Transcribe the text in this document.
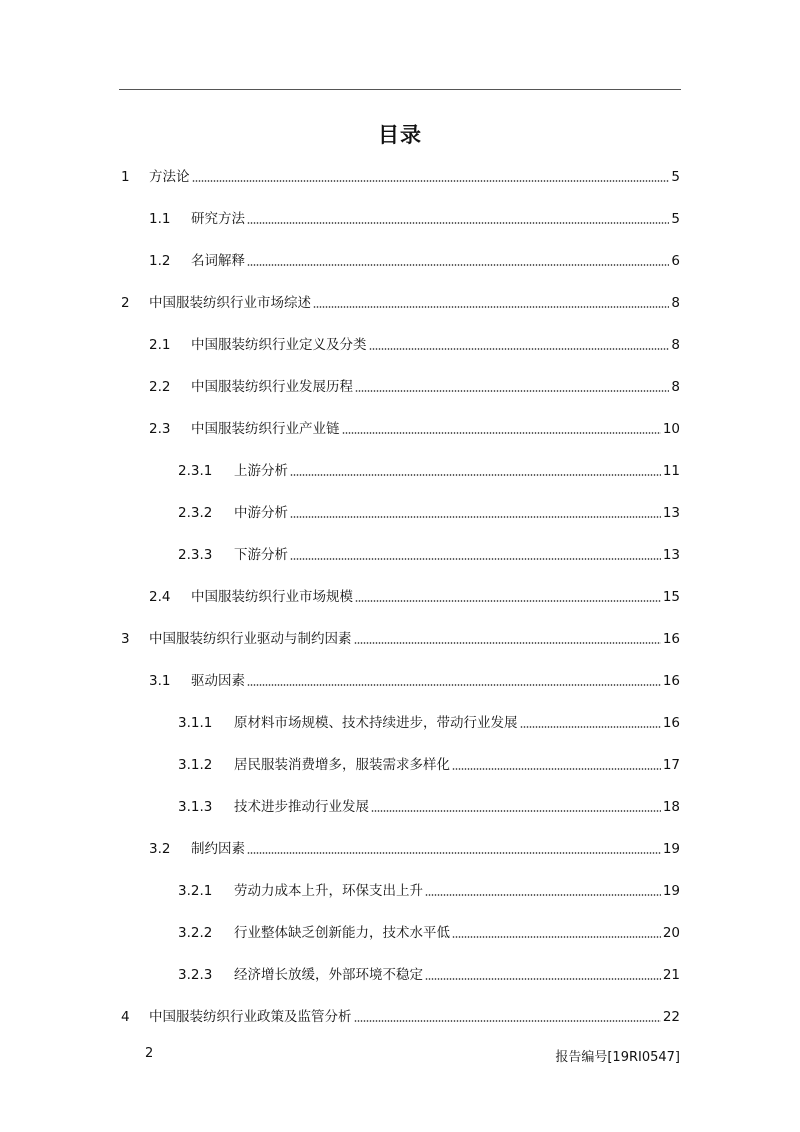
目录
1	方法论	5
1.1	研究方法	5
1.2	名词解释	6
2	中国服装纺织行业市场综述	8
2.1	中国服装纺织行业定义及分类	8
2.2	中国服装纺织行业发展历程	8
2.3	中国服装纺织行业产业链	10
2.3.1	上游分析	11
2.3.2	中游分析	13
2.3.3	下游分析	13
2.4	中国服装纺织行业市场规模	15
3	中国服装纺织行业驱动与制约因素	16
3.1	驱动因素	16
3.1.1	原材料市场规模、技术持续进步，带动行业发展	16
3.1.2	居民服装消费增多，服装需求多样化	17
3.1.3	技术进步推动行业发展	18
3.2	制约因素	19
3.2.1	劳动力成本上升，环保支出上升	19
3.2.2	行业整体缺乏创新能力，技术水平低	20
3.2.3	经济增长放缓，外部环境不稳定	21
4	中国服装纺织行业政策及监管分析	22
2	报告编号[19RI0547]
